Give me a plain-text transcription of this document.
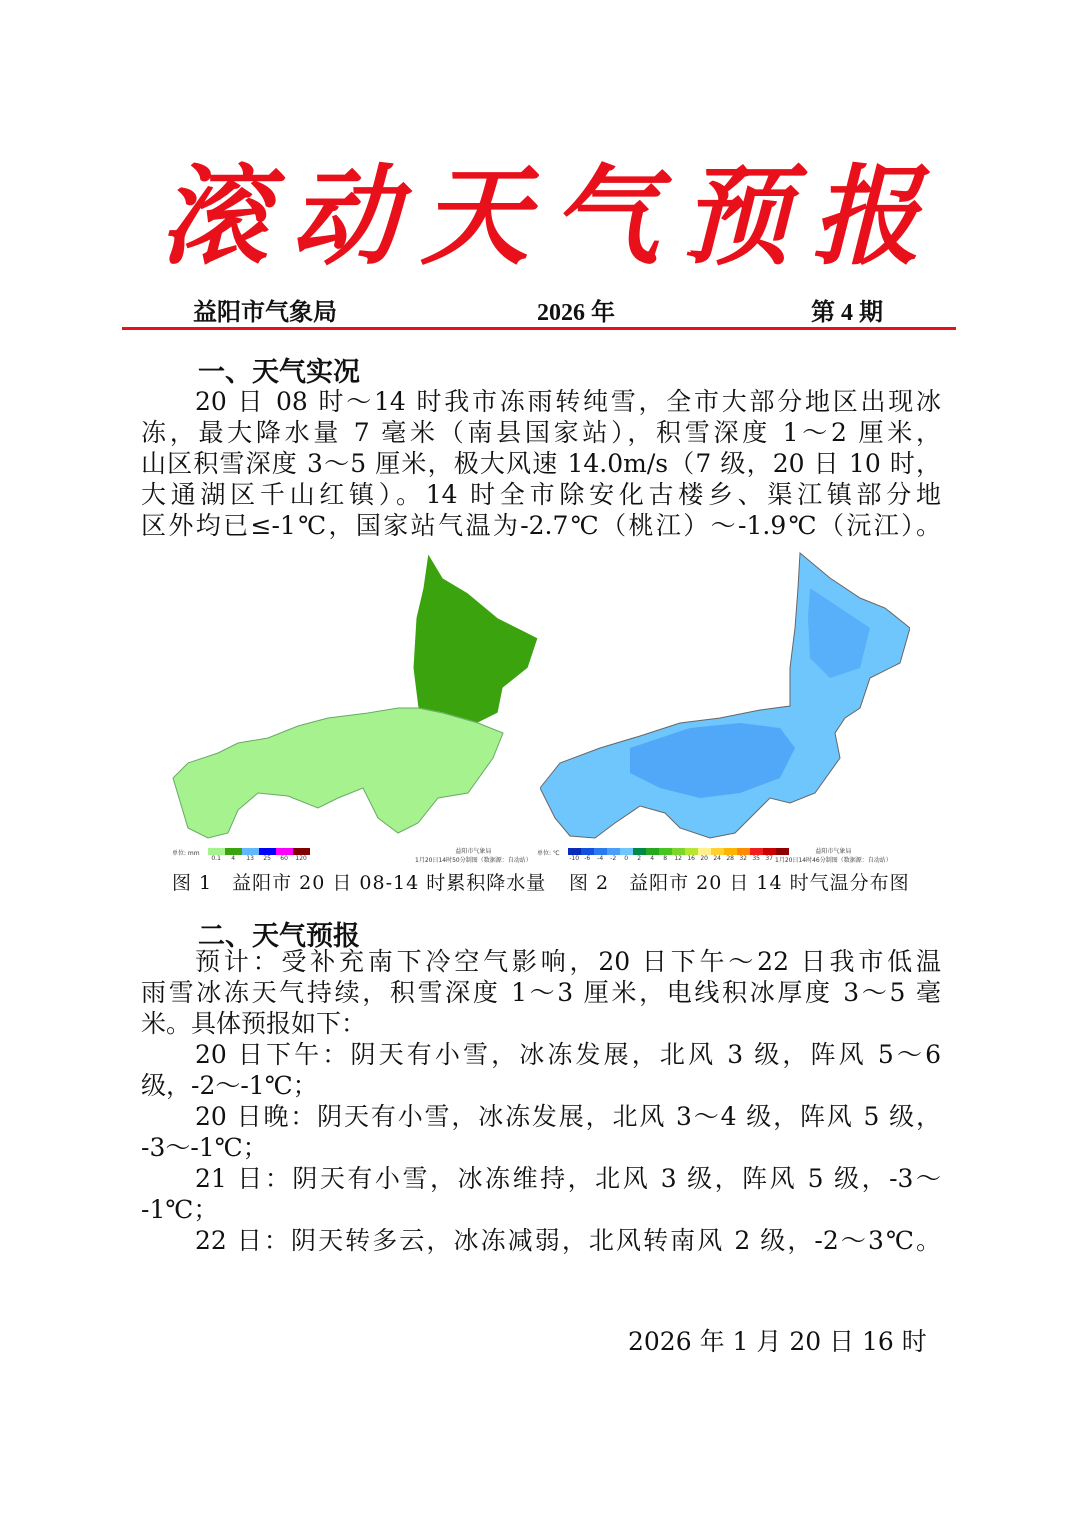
滚 动 天 气 预 报
益阳市气象局	2026 年	第 4 期
一、天气实况
20 日 08 时～14 时我市冻雨转纯雪，全市大部分地区出现冰
冻，最大降水量 7 毫米（南县国家站），积雪深度 1～2 厘米，
山区积雪深度 3～5 厘米，极大风速 14.0m/s（7 级，20 日 10 时，
大通湖区千山红镇）。14 时全市除安化古楼乡、渠江镇部分地
区外均已≤-1℃，国家站气温为-2.7℃（桃江）～-1.9℃（沅江）。
单位: mm
0.1	4	13	25	60	120
单位: ℃
-10 -6	-4	-2	0	2	4	8	12 16 20 24 28 32 35 37
益阳市气象局
1月20日14时50分制图（数据源：自动站）
益阳市气象局
1月20日14时46分制图（数据源：自动站）
图 1　益阳市 20 日 08-14 时累积降水量 图 2　益阳市 20 日 14 时气温分布图
二、天气预报
预计：受补充南下冷空气影响，20 日下午～22 日我市低温
雨雪冰冻天气持续，积雪深度 1～3 厘米，电线积冰厚度 3～5 毫
米。具体预报如下：
20 日下午：阴天有小雪，冰冻发展，北风 3 级，阵风 5～6
级，-2～-1℃；
20 日晚：阴天有小雪，冰冻发展，北风 3～4 级，阵风 5 级，
-3～-1℃；
21 日：阴天有小雪，冰冻维持，北风 3 级，阵风 5 级，-3～
-1℃；
22 日：阴天转多云，冰冻减弱，北风转南风 2 级，-2～3℃。
2026 年 1 月 20 日 16 时
